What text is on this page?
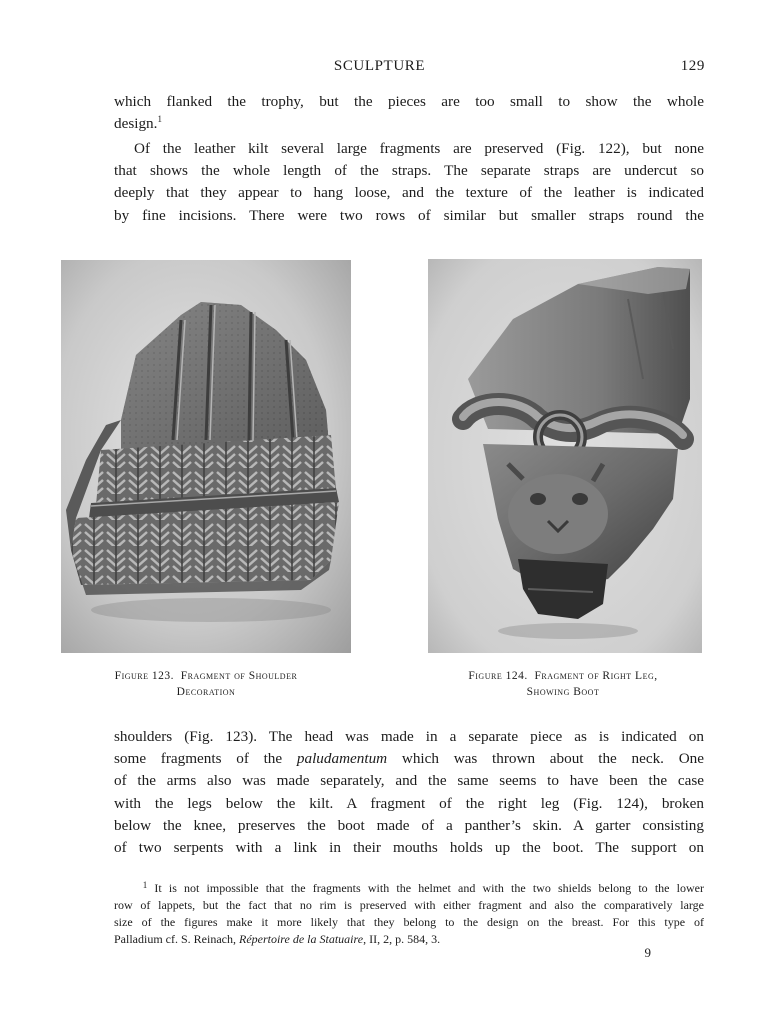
SCULPTURE	129
which flanked the trophy, but the pieces are too small to show the whole
design.$^1$
Of the leather kilt several large fragments are preserved (Fig. 122), but none
that shows the whole length of the straps. The separate straps are undercut so
deeply that they appear to hang loose, and the texture of the leather is indicated
by fine incisions. There were two rows of similar but smaller straps round the
Figure 123. Fragment of Shoulder
Decoration
Figure 124. Fragment of Right Leg,
Showing Boot
shoulders (Fig. 123). The head was made in a separate piece as is indicated on
some fragments of the paludamentum which was thrown about the neck. One
of the arms also was made separately, and the same seems to have been the case
with the legs below the kilt. A fragment of the right leg (Fig. 124), broken
below the knee, preserves the boot made of a panther’s skin. A garter consisting
of two serpents with a link in their mouths holds up the boot. The support on
$^1$ It is not impossible that the fragments with the helmet and with the two shields belong to the lower
row of lappets, but the fact that no rim is preserved with either fragment and also the comparatively large
size of the figures make it more likely that they belong to the design on the breast. For this type of
Palladium cf. S. Reinach, Répertoire de la Statuaire, II, 2, p. 584, 3.
9
